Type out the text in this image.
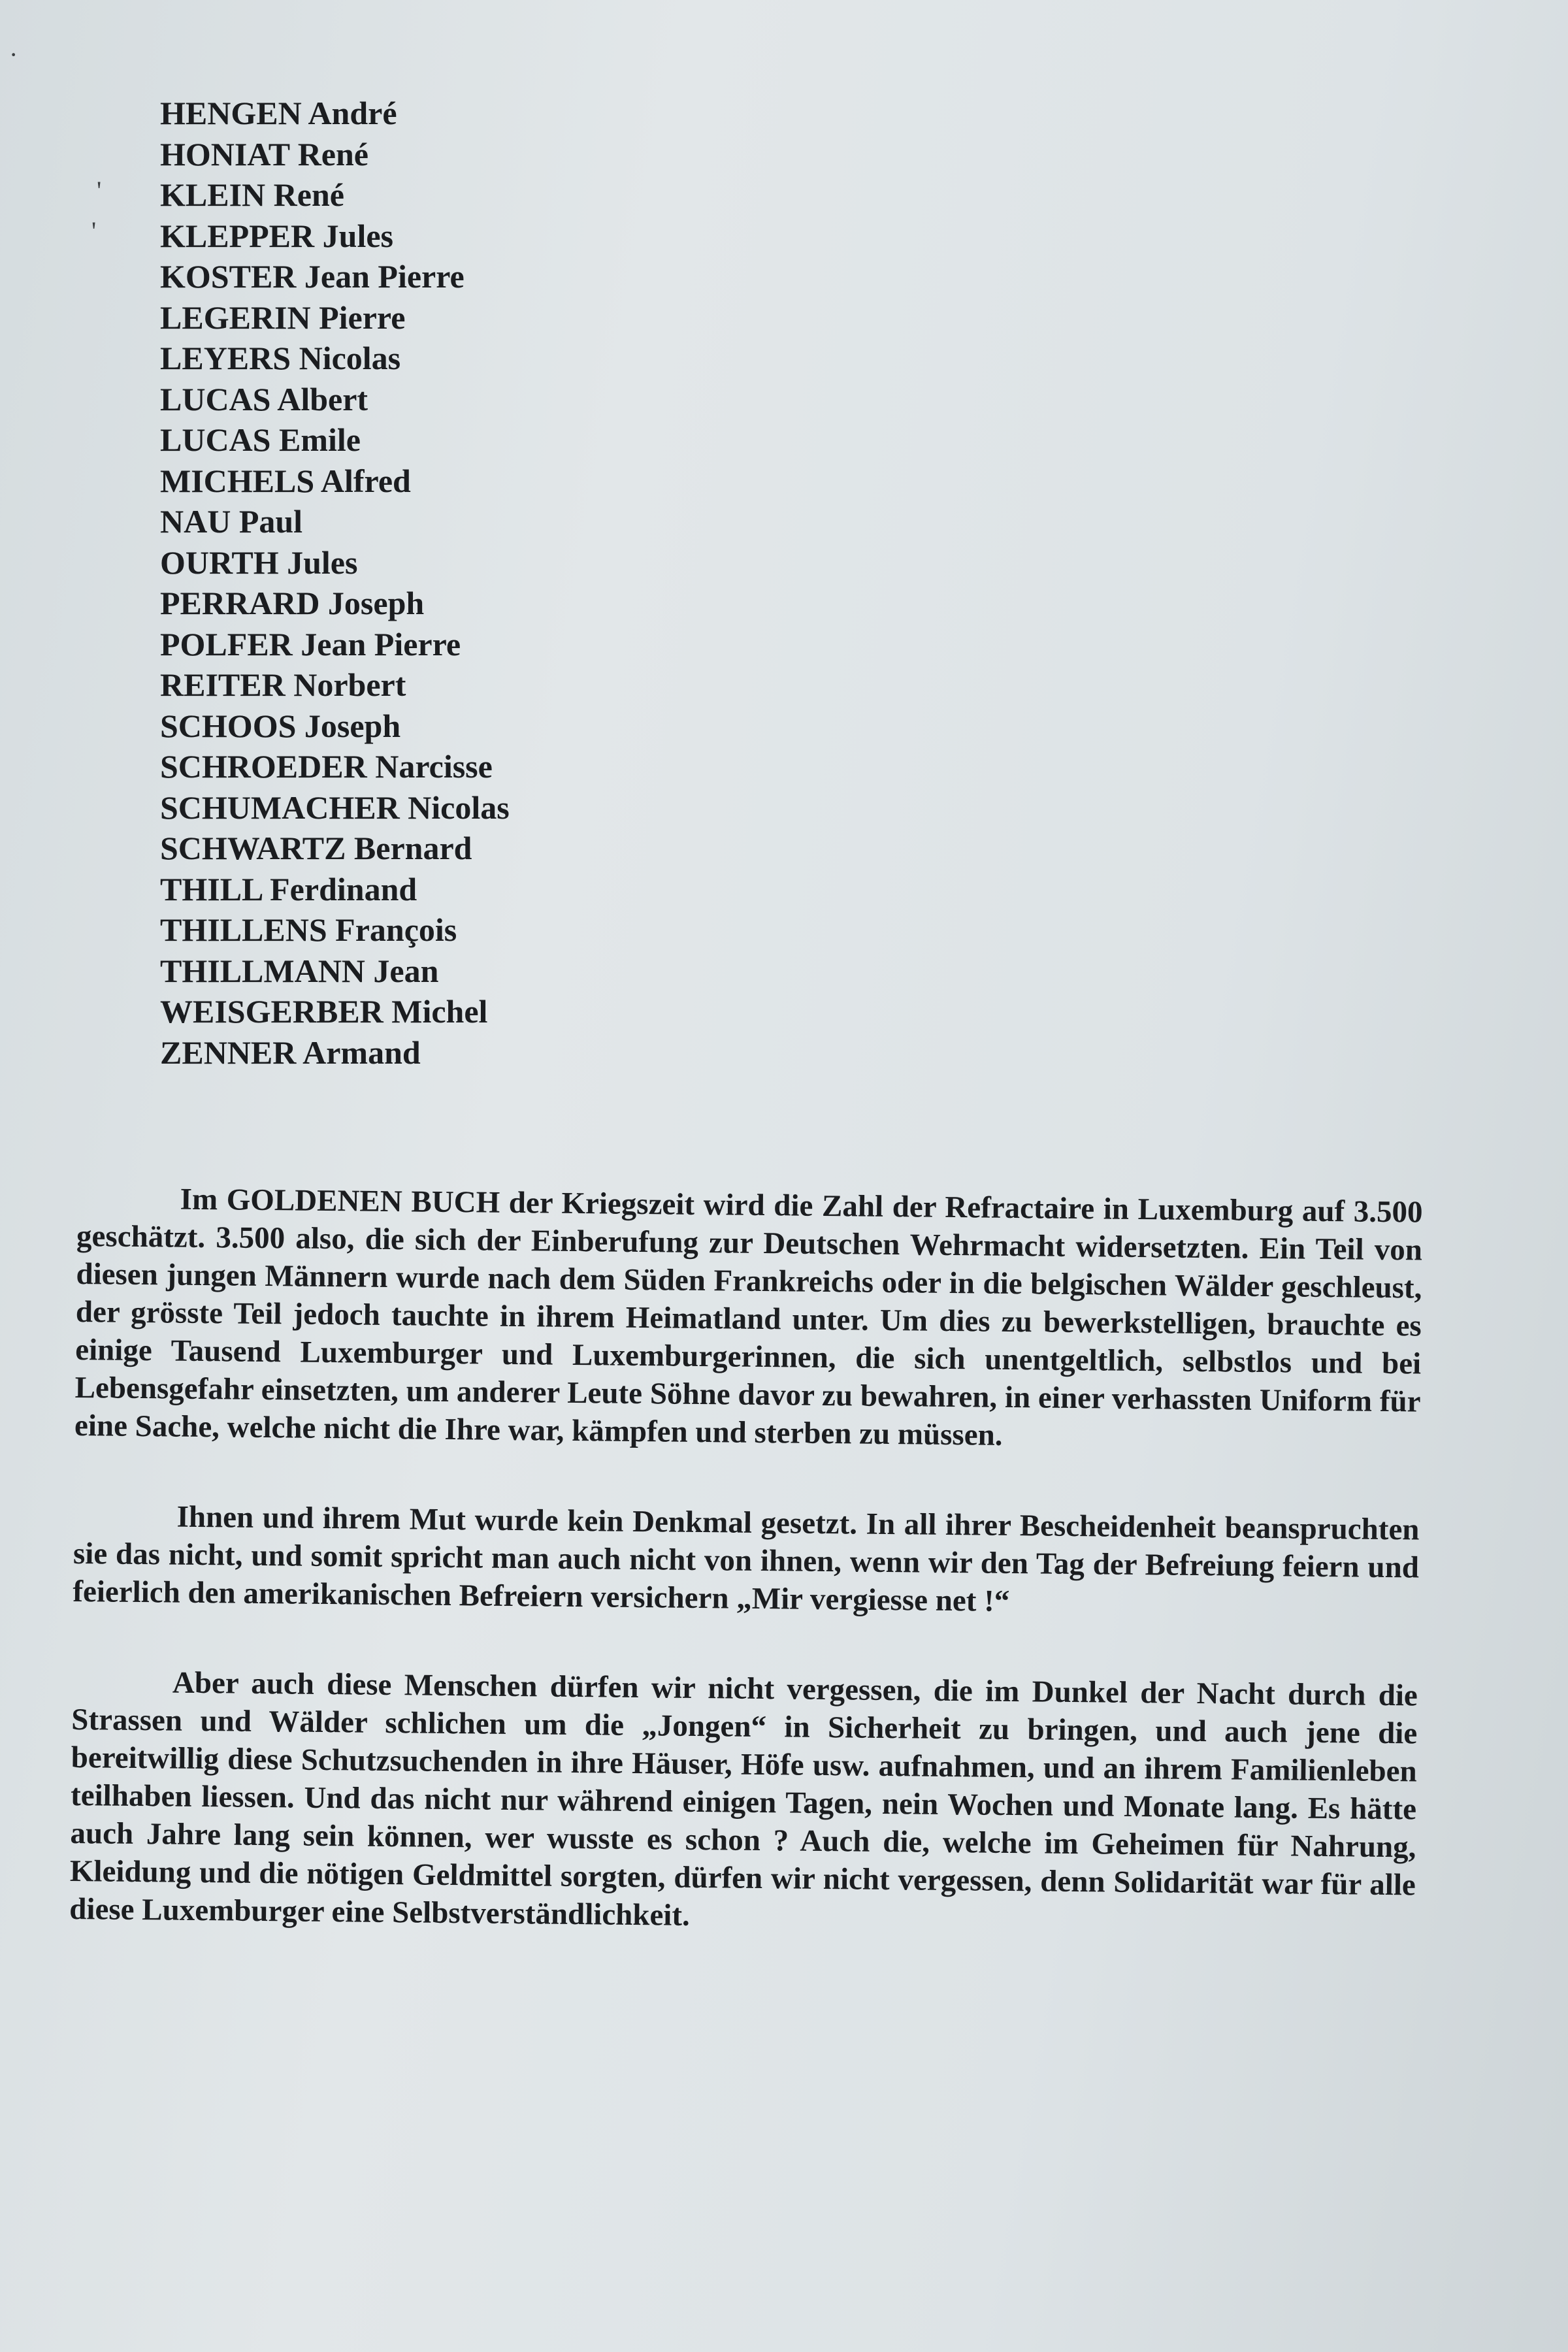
·
'
'
HENGEN André
HONIAT René
KLEIN René
KLEPPER Jules
KOSTER Jean Pierre
LEGERIN Pierre
LEYERS Nicolas
LUCAS Albert
LUCAS Emile
MICHELS Alfred
NAU Paul
OURTH Jules
PERRARD Joseph
POLFER Jean Pierre
REITER Norbert
SCHOOS Joseph
SCHROEDER Narcisse
SCHUMACHER Nicolas
SCHWARTZ Bernard
THILL Ferdinand
THILLENS François
THILLMANN Jean
WEISGERBER Michel
ZENNER Armand

Im GOLDENEN BUCH der Kriegszeit wird die Zahl der Refractaire in Luxemburg auf 3.500 geschätzt. 3.500 also, die sich der Einberufung zur Deutschen Wehrmacht widersetzten. Ein Teil von diesen jungen Männern wurde nach dem Süden Frankreichs oder in die belgischen Wälder geschleust, der grösste Teil jedoch tauchte in ihrem Heimatland unter. Um dies zu bewerkstelligen, brauchte es einige Tausend Luxemburger und Luxemburgerinnen, die sich unentgeltlich, selbstlos und bei Lebensgefahr einsetzten, um anderer Leute Söhne davor zu bewahren, in einer verhassten Uniform für eine Sache, welche nicht die Ihre war, kämpfen und sterben zu müssen.

Ihnen und ihrem Mut wurde kein Denkmal gesetzt. In all ihrer Bescheidenheit beanspruchten sie das nicht, und somit spricht man auch nicht von ihnen, wenn wir den Tag der Befreiung feiern und feierlich den amerikanischen Befreiern versichern „Mir vergiesse net !“

Aber auch diese Menschen dürfen wir nicht vergessen, die im Dunkel der Nacht durch die Strassen und Wälder schlichen um die „Jongen“ in Sicherheit zu bringen, und auch jene die bereitwillig diese Schutzsuchenden in ihre Häuser, Höfe usw. aufnahmen, und an ihrem Familienleben teilhaben liessen. Und das nicht nur während einigen Tagen, nein Wochen und Monate lang. Es hätte auch Jahre lang sein können, wer wusste es schon ? Auch die, welche im Geheimen für Nahrung, Kleidung und die nötigen Geldmittel sorgten, dürfen wir nicht vergessen, denn Solidarität war für alle diese Luxemburger eine Selbstverständlichkeit.
